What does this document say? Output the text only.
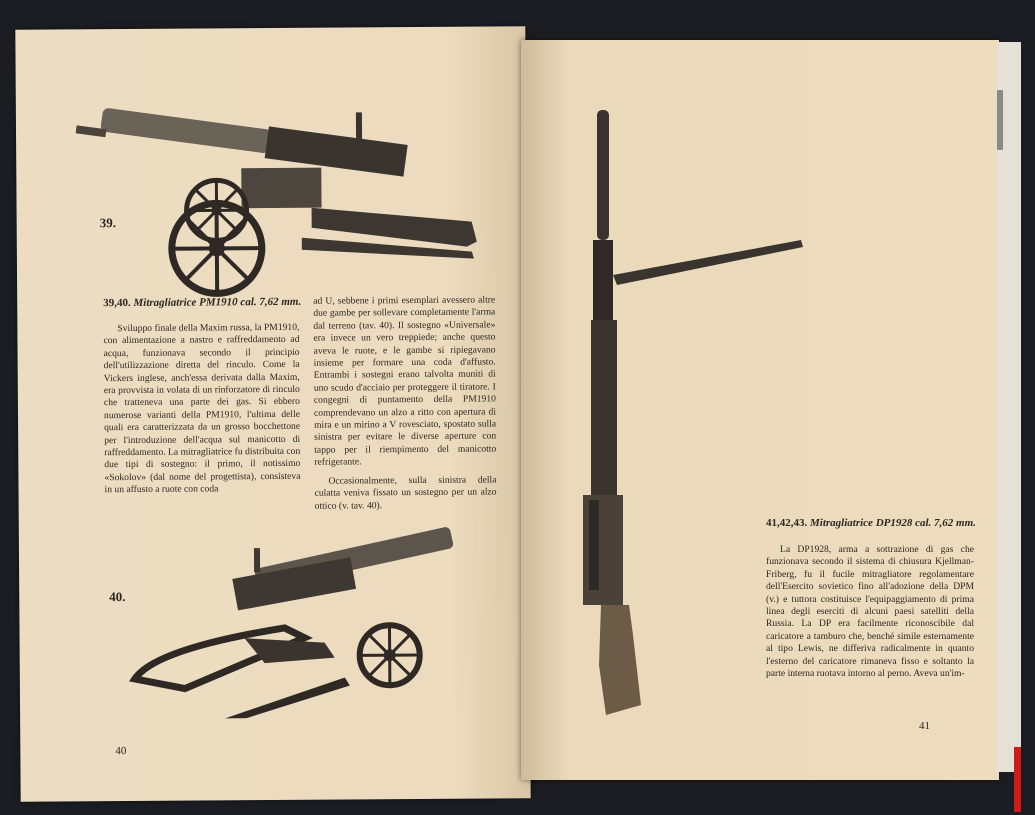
39.
39,40. Mitragliatrice PM1910 cal. 7,62 mm.

Sviluppo finale della Maxim russa, la PM1910, con alimentazione a nastro e raffreddamento ad acqua, funzionava secondo il principio dell'utilizzazione diretta del rinculo. Come la Vickers inglese, anch'essa derivata dalla Maxim, era provvista in volata di un rinforzatore di rinculo che tratteneva una parte dei gas. Si ebbero numerose varianti della PM1910, l'ultima delle quali era caratterizzata da un grosso bocchettone per l'introduzione dell'acqua sul manicotto di raffreddamento. La mitragliatrice fu distribuita con due tipi di sostegno: il primo, il notissimo «Sokolov» (dal nome del progettista), consisteva in un affusto a ruote con coda

ad U, sebbene i primi esemplari avessero altre due gambe per sollevare completamente l'arma dal terreno (tav. 40). Il sostegno «Universale» era invece un vero treppiede; anche questo aveva le ruote, e le gambe si ripiegavano insieme per formare una coda d'affusto. Entrambi i sostegni erano talvolta muniti di uno scudo d'acciaio per proteggere il tiratore. I congegni di puntamento della PM1910 comprendevano un alzo a ritto con apertura di mira e un mirino a V rovesciato, spostato sulla sinistra per evitare le diverse aperture con tappo per il riempimento del manicotto refrigerante.

Occasionalmente, sulla sinistra della culatta veniva fissato un sostegno per un alzo ottico (v. tav. 40).

40.
40
41,42,43. Mitragliatrice DP1928 cal. 7,62 mm.

La DP1928, arma a sottrazione di gas che funzionava secondo il sistema di chiusura Kjellman-Friberg, fu il fucile mitragliatore regolamentare dell'Esercito sovietico fino all'adozione della DPM (v.) e tuttora costituisce l'equipaggiamento di prima linea degli eserciti di alcuni paesi satelliti della Russia. La DP era facilmente riconoscibile dal caricatore a tamburo che, benché simile esternamente al tipo Lewis, ne differiva radicalmente in quanto l'esterno del caricatore rimaneva fisso e soltanto la parte interna ruotava intorno al perno. Aveva un'im-

41
